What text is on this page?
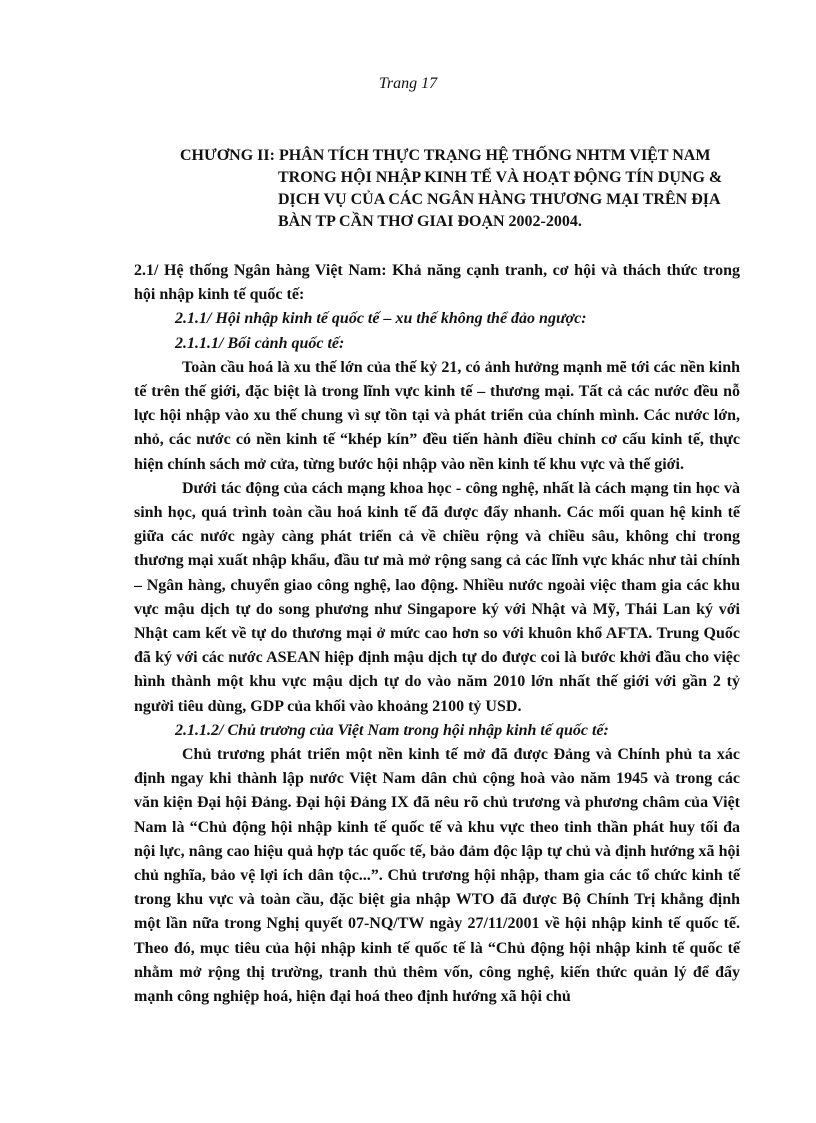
Trang 17
CHƯƠNG II: PHÂN TÍCH THỰC TRẠNG HỆ THỐNG NHTM VIỆT NAM
TRONG HỘI NHẬP KINH TẾ VÀ HOẠT ĐỘNG TÍN DỤNG &
DỊCH VỤ CỦA CÁC NGÂN HÀNG THƯƠNG MẠI TRÊN ĐỊA
BÀN TP CẦN THƠ GIAI ĐOẠN 2002-2004.

2.1/ Hệ thống Ngân hàng Việt Nam: Khả năng cạnh tranh, cơ hội và thách thức trong hội nhập kinh tế quốc tế:

2.1.1/ Hội nhập kinh tế quốc tế – xu thế không thể đảo ngược:

2.1.1.1/ Bối cảnh quốc tế:

Toàn cầu hoá là xu thế lớn của thế kỷ 21, có ảnh hưởng mạnh mẽ tới các nền kinh tế trên thế giới, đặc biệt là trong lĩnh vực kinh tế – thương mại. Tất cả các nước đều nỗ lực hội nhập vào xu thế chung vì sự tồn tại và phát triển của chính mình. Các nước lớn, nhỏ, các nước có nền kinh tế “khép kín” đều tiến hành điều chỉnh cơ cấu kinh tế, thực hiện chính sách mở cửa, từng bước hội nhập vào nền kinh tế khu vực và thế giới.

Dưới tác động của cách mạng khoa học - công nghệ, nhất là cách mạng tin học và sinh học, quá trình toàn cầu hoá kinh tế đã được đẩy nhanh. Các mối quan hệ kinh tế giữa các nước ngày càng phát triển cả về chiều rộng và chiều sâu, không chỉ trong thương mại xuất nhập khẩu, đầu tư mà mở rộng sang cả các lĩnh vực khác như tài chính – Ngân hàng, chuyển giao công nghệ, lao động. Nhiều nước ngoài việc tham gia các khu vực mậu dịch tự do song phương như Singapore ký với Nhật và Mỹ, Thái Lan ký với Nhật cam kết về tự do thương mại ở mức cao hơn so với khuôn khổ AFTA. Trung Quốc đã ký với các nước ASEAN hiệp định mậu dịch tự do được coi là bước khởi đầu cho việc hình thành một khu vực mậu dịch tự do vào năm 2010 lớn nhất thế giới với gần 2 tỷ người tiêu dùng, GDP của khối vào khoảng 2100 tỷ USD.

2.1.1.2/ Chủ trương của Việt Nam trong hội nhập kinh tế quốc tế:

Chủ trương phát triển một nền kinh tế mở đã được Đảng và Chính phủ ta xác định ngay khi thành lập nước Việt Nam dân chủ cộng hoà vào năm 1945 và trong các văn kiện Đại hội Đảng. Đại hội Đảng IX đã nêu rõ chủ trương và phương châm của Việt Nam là “Chủ động hội nhập kinh tế quốc tế và khu vực theo tinh thần phát huy tối đa nội lực, nâng cao hiệu quả hợp tác quốc tế, bảo đảm độc lập tự chủ và định hướng xã hội chủ nghĩa, bảo vệ lợi ích dân tộc...”. Chủ trương hội nhập, tham gia các tổ chức kinh tế trong khu vực và toàn cầu, đặc biệt gia nhập WTO đã được Bộ Chính Trị khẳng định một lần nữa trong Nghị quyết 07-NQ/TW ngày 27/11/2001 về hội nhập kinh tế quốc tế. Theo đó, mục tiêu của hội nhập kinh tế quốc tế là “Chủ động hội nhập kinh tế quốc tế nhằm mở rộng thị trường, tranh thủ thêm vốn, công nghệ, kiến thức quản lý để đẩy mạnh công nghiệp hoá, hiện đại hoá theo định hướng xã hội chủ
